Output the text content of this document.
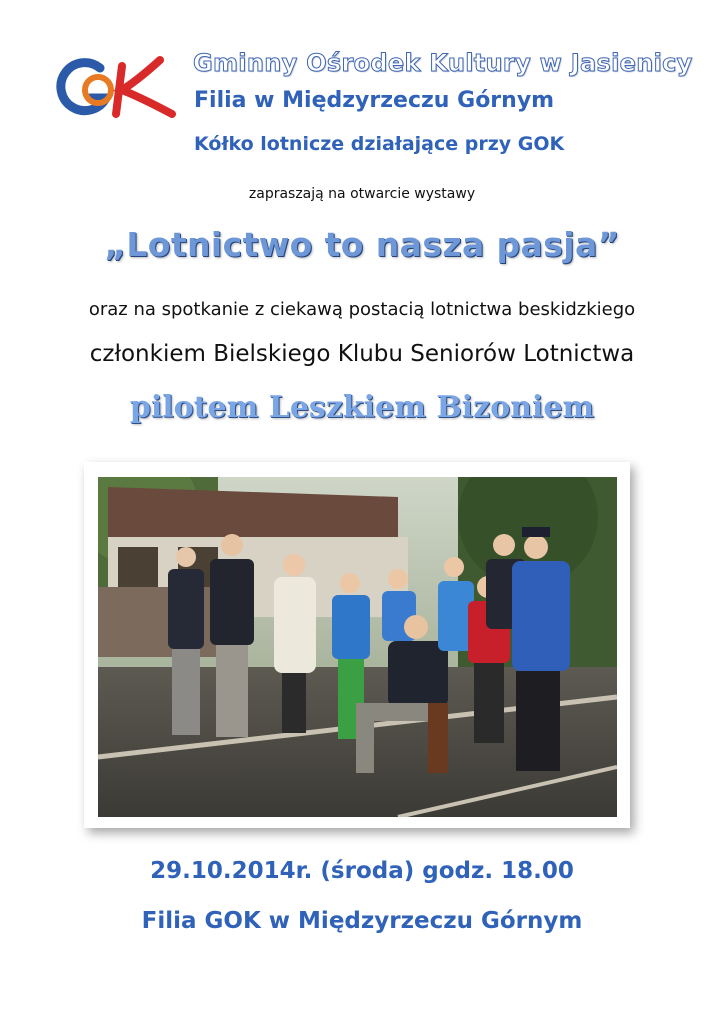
Gminny Ośrodek Kultury w Jasienicy
Filia w Międzyrzeczu Górnym
Kółko lotnicze działające przy GOK
zapraszają na otwarcie wystawy
„Lotnictwo to nasza pasja”
oraz na spotkanie z ciekawą postacią lotnictwa beskidzkiego
członkiem Bielskiego Klubu Seniorów Lotnictwa
pilotem Leszkiem Bizoniem
29.10.2014r. (środa) godz. 18.00
Filia GOK w Międzyrzeczu Górnym
